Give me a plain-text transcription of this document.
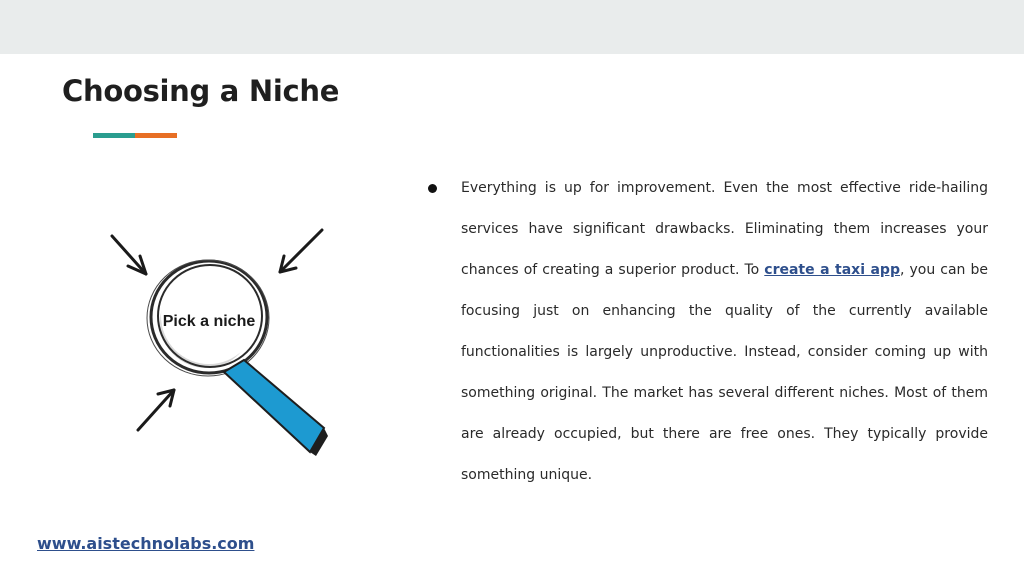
Choosing a Niche
Pick a niche

Everything is up for improvement. Even the most effective ride-hailing services have significant drawbacks. Eliminating them increases your chances of creating a superior product. To create a taxi app, you can be focusing just on enhancing the quality of the currently available functionalities is largely unproductive. Instead, consider coming up with something original. The market has several different niches. Most of them are already occupied, but there are free ones. They typically provide something unique.

www.aistechnolabs.com
